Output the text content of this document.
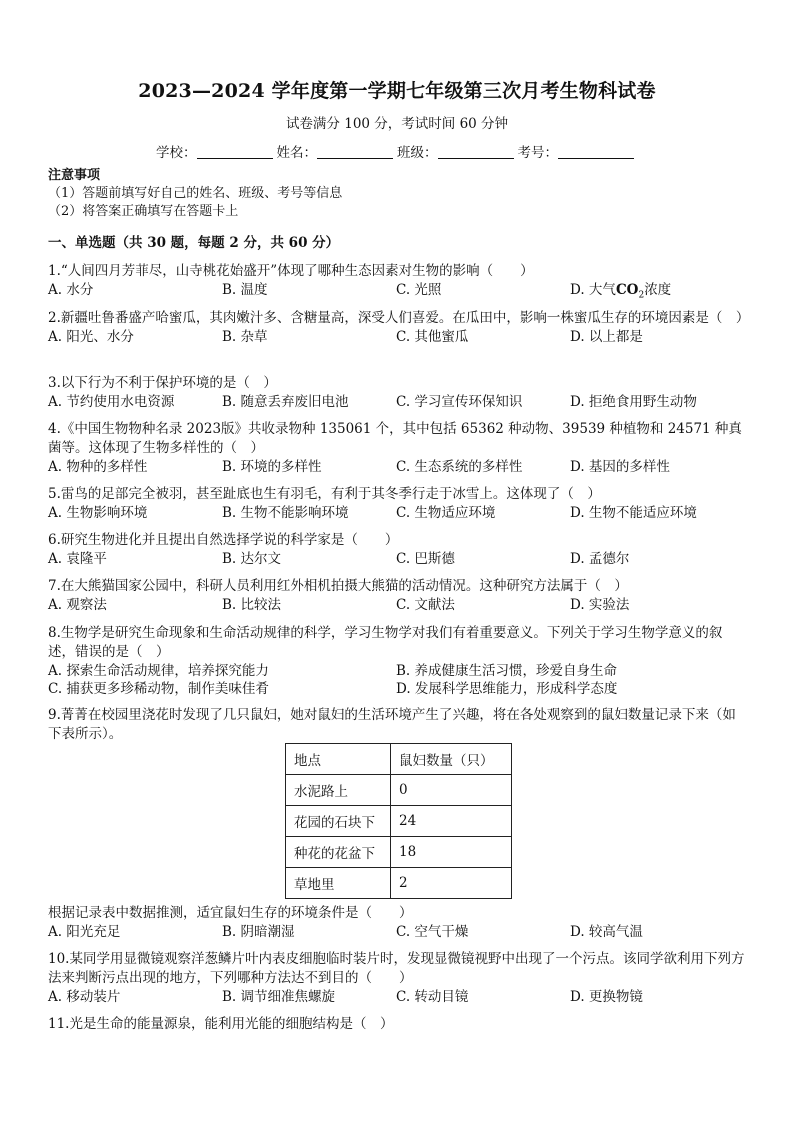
2023—2024 学年度第一学期七年级第三次月考生物科试卷
试卷满分 100 分，考试时间 60 分钟
学校：	姓名：	班级：	考号：
注意事项
（1）答题前填写好自己的姓名、班级、考号等信息
（2）将答案正确填写在答题卡上
一、单选题（共 30 题，每题 2 分，共 60 分）
1.“人间四月芳菲尽，山寺桃花始盛开”体现了哪种生态因素对生物的影响（　　）
A. 水分	B. 温度	C. 光照	D. 大气$CO_2$浓度
2.新疆吐鲁番盛产哈蜜瓜，其肉嫩汁多、含糖量高，深受人们喜爱。在瓜田中，影响一株蜜瓜生存的环境因素是（　）
A. 阳光、水分	B. 杂草	C. 其他蜜瓜	D. 以上都是
3.以下行为不利于保护环境的是（　）
A. 节约使用水电资源	B. 随意丢弃废旧电池	C. 学习宣传环保知识	D. 拒绝食用野生动物
4.《中国生物物种名录 2023版》共收录物种 135061 个，其中包括 65362 种动物、39539 种植物和 24571 种真菌等。这体现了生物多样性的（　）
A. 物种的多样性	B. 环境的多样性	C. 生态系统的多样性	D. 基因的多样性
5.雷鸟的足部完全被羽，甚至趾底也生有羽毛，有利于其冬季行走于冰雪上。这体现了（　）
A. 生物影响环境	B. 生物不能影响环境	C. 生物适应环境	D. 生物不能适应环境
6.研究生物进化并且提出自然选择学说的科学家是（　　）
A. 袁隆平	B. 达尔文	C. 巴斯德	D. 孟德尔
7.在大熊猫国家公园中，科研人员利用红外相机拍摄大熊猫的活动情况。这种研究方法属于（　）
A. 观察法	B. 比较法	C. 文献法	D. 实验法
8.生物学是研究生命现象和生命活动规律的科学，学习生物学对我们有着重要意义。下列关于学习生物学意义的叙述，错误的是（　）
A. 探索生命活动规律，培养探究能力	B. 养成健康生活习惯，珍爱自身生命
C. 捕获更多珍稀动物，制作美味佳肴	D. 发展科学思维能力，形成科学态度
9.菁菁在校园里浇花时发现了几只鼠妇，她对鼠妇的生活环境产生了兴趣，将在各处观察到的鼠妇数量记录下来（如下表所示）。
地点	鼠妇数量（只）
水泥路上	0
花园的石块下	24
种花的花盆下	18
草地里	2
根据记录表中数据推测，适宜鼠妇生存的环境条件是（　　）
A. 阳光充足	B. 阴暗潮湿	C. 空气干燥	D. 较高气温
10.某同学用显微镜观察洋葱鳞片叶内表皮细胞临时装片时，发现显微镜视野中出现了一个污点。该同学欲利用下列方法来判断污点出现的地方，下列哪种方法达不到目的（　　）
A. 移动装片	B. 调节细准焦螺旋	C. 转动目镜	D. 更换物镜
11.光是生命的能量源泉，能利用光能的细胞结构是（　）
